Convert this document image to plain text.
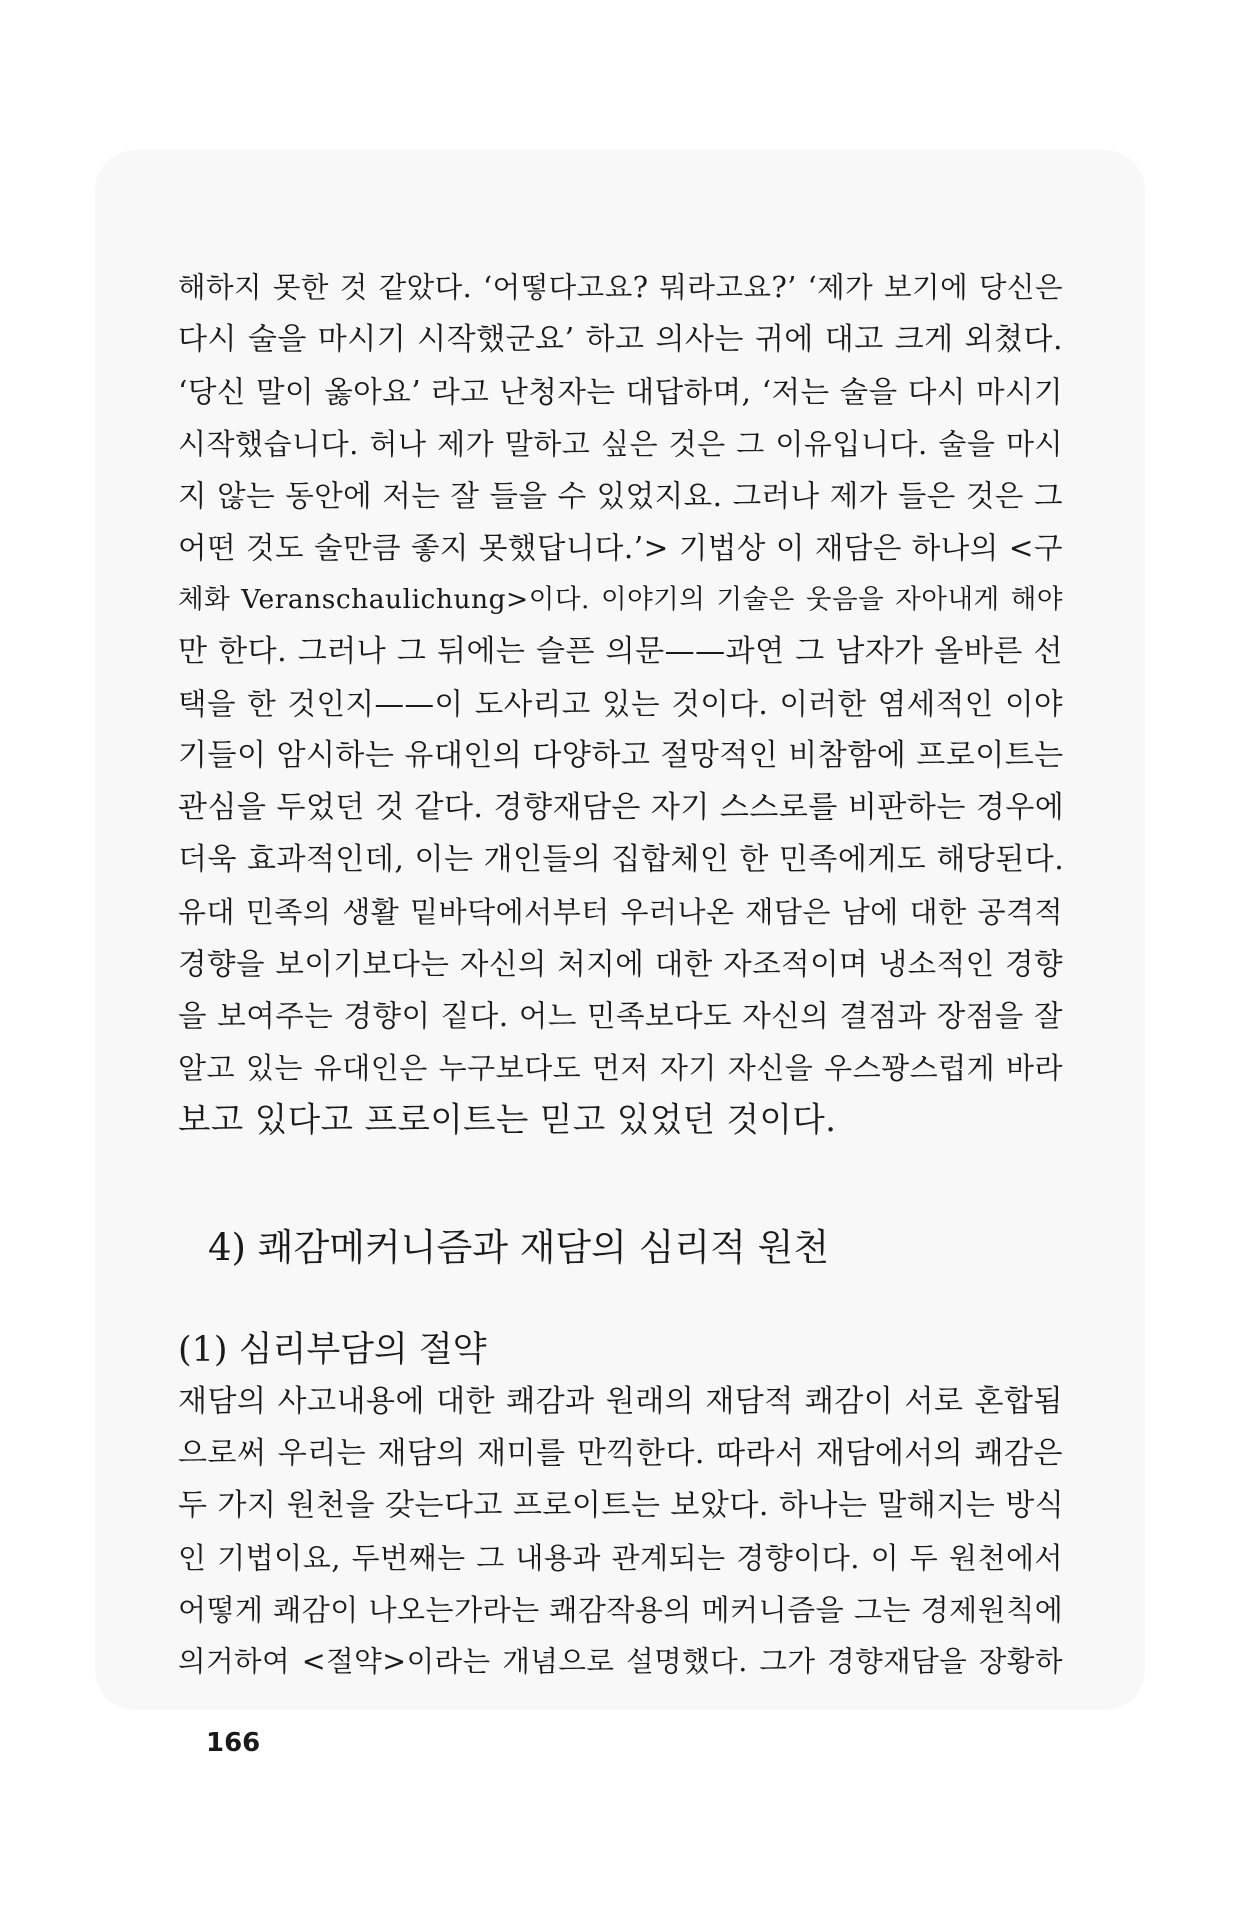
해하지 못한 것 같았다. ‘어떻다고요? 뭐라고요?’ ‘제가 보기에 당신은
다시 술을 마시기 시작했군요’ 하고 의사는 귀에 대고 크게 외쳤다.
‘당신 말이 옳아요’ 라고 난청자는 대답하며, ‘저는 술을 다시 마시기
시작했습니다. 허나 제가 말하고 싶은 것은 그 이유입니다. 술을 마시
지 않는 동안에 저는 잘 들을 수 있었지요. 그러나 제가 들은 것은 그
어떤 것도 술만큼 좋지 못했답니다.’> 기법상 이 재담은 하나의 <구
체화 Veranschaulichung>이다. 이야기의 기술은 웃음을 자아내게 해야
만 한다. 그러나 그 뒤에는 슬픈 의문——과연 그 남자가 올바른 선
택을 한 것인지——이 도사리고 있는 것이다. 이러한 염세적인 이야
기들이 암시하는 유대인의 다양하고 절망적인 비참함에 프로이트는
관심을 두었던 것 같다. 경향재담은 자기 스스로를 비판하는 경우에
더욱 효과적인데, 이는 개인들의 집합체인 한 민족에게도 해당된다.
유대 민족의 생활 밑바닥에서부터 우러나온 재담은 남에 대한 공격적
경향을 보이기보다는 자신의 처지에 대한 자조적이며 냉소적인 경향
을 보여주는 경향이 짙다. 어느 민족보다도 자신의 결점과 장점을 잘
알고 있는 유대인은 누구보다도 먼저 자기 자신을 우스꽝스럽게 바라
보고 있다고 프로이트는 믿고 있었던 것이다.
4) 쾌감메커니즘과 재담의 심리적 원천
(1) 심리부담의 절약
재담의 사고내용에 대한 쾌감과 원래의 재담적 쾌감이 서로 혼합됨
으로써 우리는 재담의 재미를 만끽한다. 따라서 재담에서의 쾌감은
두 가지 원천을 갖는다고 프로이트는 보았다. 하나는 말해지는 방식
인 기법이요, 두번째는 그 내용과 관계되는 경향이다. 이 두 원천에서
어떻게 쾌감이 나오는가라는 쾌감작용의 메커니즘을 그는 경제원칙에
의거하여 <절약>이라는 개념으로 설명했다. 그가 경향재담을 장황하
166
